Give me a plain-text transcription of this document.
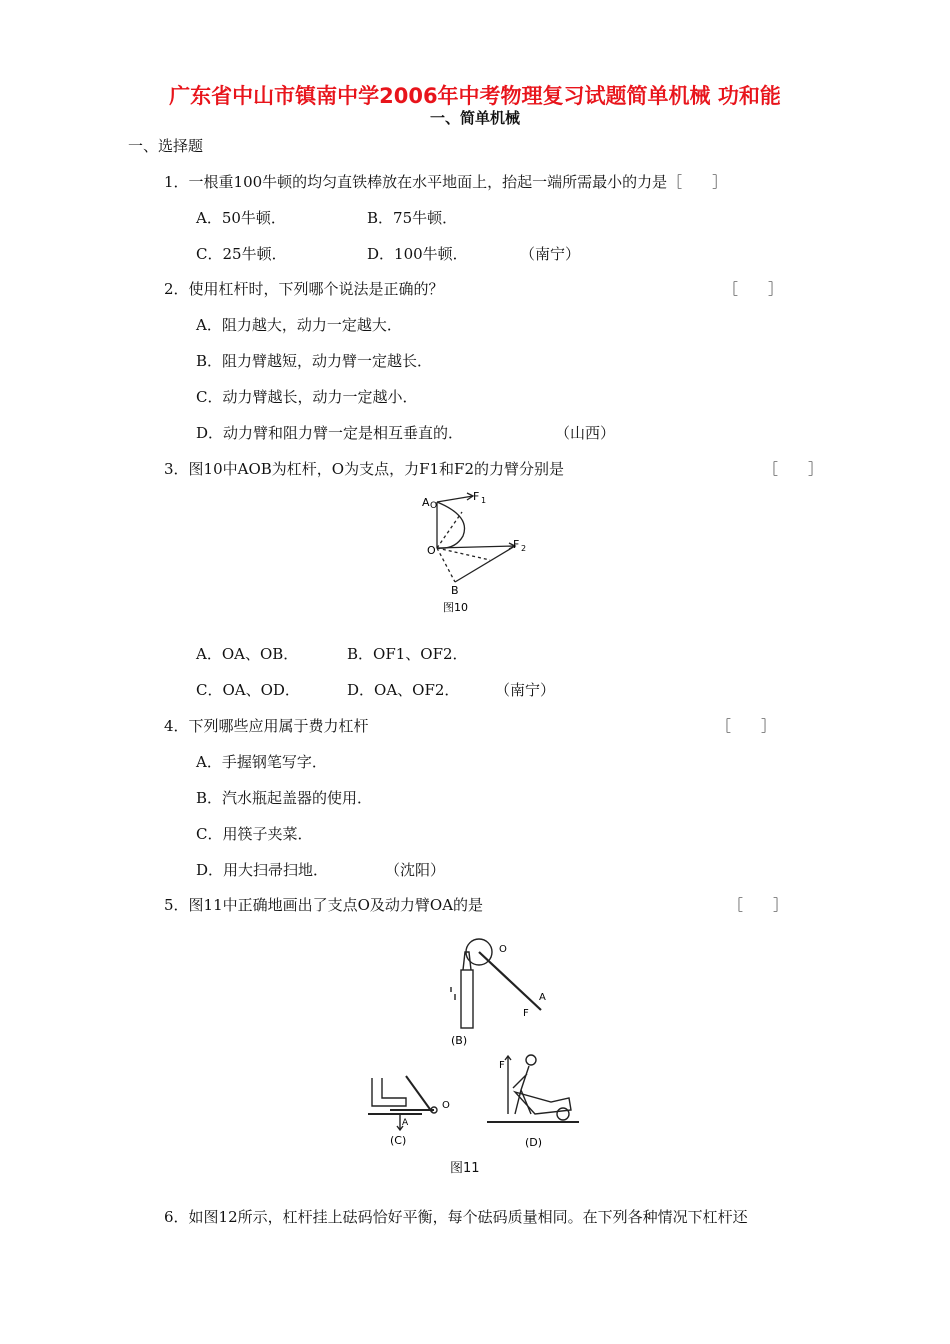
广东省中山市镇南中学2006年中考物理复习试题简单机械 功和能
一、简单机械
一、选择题
1．一根重100牛顿的均匀直铁棒放在水平地面上，抬起一端所需最小的力是［　　］
A．50牛顿．	B．75牛顿．
C．25牛顿．	D．100牛顿．	（南宁）
2．使用杠杆时，下列哪个说法是正确的？	［　　］
A．阻力越大，动力一定越大．
B．阻力臂越短，动力臂一定越长．
C．动力臂越长，动力一定越小．
D．动力臂和阻力臂一定是相互垂直的．	（山西）
3．图10中AOB为杠杆，O为支点，力F1和F2的力臂分别是	［　　］
A O
O
F 1
F 2
B
图10
A．OA、OB．	B．OF1、OF2．
C．OA、OD．	D．OA、OF2． （南宁）
4．下列哪些应用属于费力杠杆	［　　］
A．手握钢笔写字．
B．汽水瓶起盖器的使用．
C．用筷子夹菜．
D．用大扫帚扫地．	（沈阳）
5．图11中正确地画出了支点O及动力臂OA的是	［　　］
O
A
F
(B)
O
A
(C)
F
(D)
图11
6．如图12所示，杠杆挂上砝码恰好平衡，每个砝码质量相同。在下列各种情况下杠杆还
